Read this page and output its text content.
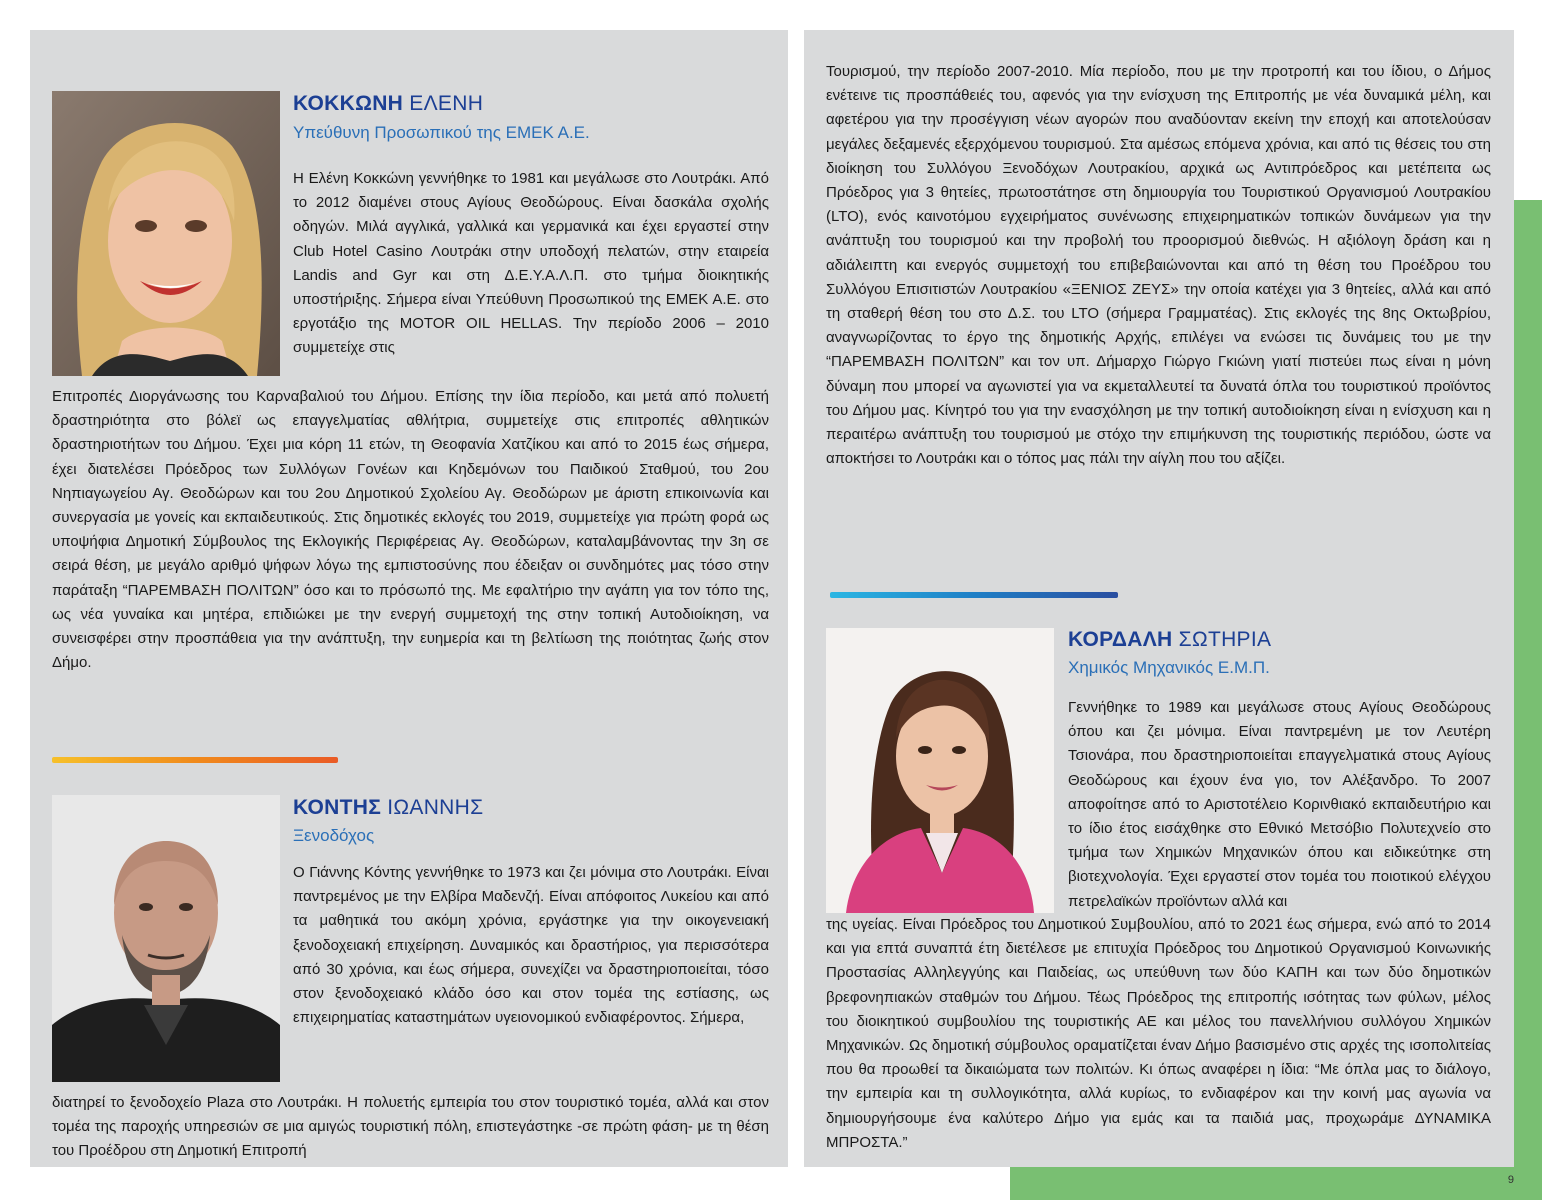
ΚΟΚΚΩΝΗ ΕΛΕΝΗ
Υπεύθυνη Προσωπικού της ΕΜΕΚ Α.Ε.
Η Ελένη Κοκκώνη γεννήθηκε το 1981 και μεγάλωσε στο Λουτράκι. Από το 2012 διαμένει στους Αγίους Θεοδώρους. Είναι δασκάλα σχολής οδηγών. Μιλά αγγλικά, γαλλικά και γερμανικά και έχει εργαστεί στην Club Hotel Casino Λουτράκι στην υποδοχή πελατών, στην εταιρεία Landis and Gyr και στη Δ.Ε.Υ.Α.Λ.Π. στο τμήμα διοικητικής υποστήριξης. Σήμερα είναι Υπεύθυνη Προσωπικού της ΕΜΕΚ Α.Ε. στο εργοτάξιο της MOTOR OIL HELLAS. Την περίοδο 2006 – 2010 συμμετείχε στις
Επιτροπές Διοργάνωσης του Καρναβαλιού του Δήμου. Επίσης την ίδια περίοδο, και μετά από πολυετή δραστηριότητα στο βόλεϊ ως επαγγελματίας αθλήτρια, συμμετείχε στις επιτροπές αθλητικών δραστηριοτήτων του Δήμου. Έχει μια κόρη 11 ετών, τη Θεοφανία Χατζίκου και από το 2015 έως σήμερα, έχει διατελέσει Πρόεδρος των Συλλόγων Γονέων και Κηδεμόνων του Παιδικού Σταθμού, του 2ου Νηπιαγωγείου Αγ. Θεοδώρων και του 2ου Δημοτικού Σχολείου Αγ. Θεοδώρων με άριστη επικοινωνία και συνεργασία με γονείς και εκπαιδευτικούς. Στις δημοτικές εκλογές του 2019, συμμετείχε για πρώτη φορά ως υποψήφια Δημοτική Σύμβουλος της Εκλογικής Περιφέρειας Αγ. Θεοδώρων, καταλαμβάνοντας την 3η σε σειρά θέση, με μεγάλο αριθμό ψήφων λόγω της εμπιστοσύνης που έδειξαν οι συνδημότες μας τόσο στην παράταξη “ΠΑΡΕΜΒΑΣΗ ΠΟΛΙΤΩΝ” όσο και το πρόσωπό της. Με εφαλτήριο την αγάπη για τον τόπο της, ως νέα γυναίκα και μητέρα, επιδιώκει με την ενεργή συμμετοχή της στην τοπική Αυτοδιοίκηση, να συνεισφέρει στην προσπάθεια για την ανάπτυξη, την ευημερία και τη βελτίωση της ποιότητας ζωής στον Δήμο.
ΚΟΝΤΗΣ ΙΩΑΝΝΗΣ
Ξενοδόχος
Ο Γιάννης Κόντης γεννήθηκε το 1973 και ζει μόνιμα στο Λουτράκι. Είναι παντρεμένος με την Ελβίρα Μαδενζή. Είναι απόφοιτος Λυκείου και από τα μαθητικά του ακόμη χρόνια, εργάστηκε για την οικογενειακή ξενοδοχειακή επιχείρηση. Δυναμικός και δραστήριος, για περισσότερα από 30 χρόνια, και έως σήμερα, συνεχίζει να δραστηριοποιείται, τόσο στον ξενοδοχειακό κλάδο όσο και στον τομέα της εστίασης, ως επιχειρηματίας καταστημάτων υγειονομικού ενδιαφέροντος. Σήμερα,
διατηρεί το ξενοδοχείο Plaza στο Λουτράκι. Η πολυετής εμπειρία του στον τουριστικό τομέα, αλλά και στον τομέα της παροχής υπηρεσιών σε μια αμιγώς τουριστική πόλη, επιστεγάστηκε -σε πρώτη φάση- με τη θέση του Προέδρου στη Δημοτική Επιτροπή
Τουρισμού, την περίοδο 2007-2010. Μία περίοδο, που με την προτροπή και του ίδιου, ο Δήμος ενέτεινε τις προσπάθειές του, αφενός για την ενίσχυση της Επιτροπής με νέα δυναμικά μέλη, και αφετέρου για την προσέγγιση νέων αγορών που αναδύονταν εκείνη την εποχή και αποτελούσαν μεγάλες δεξαμενές εξερχόμενου τουρισμού. Στα αμέσως επόμενα χρόνια, και από τις θέσεις του στη διοίκηση του Συλλόγου Ξενοδόχων Λουτρακίου, αρχικά ως Αντιπρόεδρος και μετέπειτα ως Πρόεδρος για 3 θητείες, πρωτοστάτησε στη δημιουργία του Τουριστικού Οργανισμού Λουτρακίου (LTO), ενός καινοτόμου εγχειρήματος συνένωσης επιχειρηματικών τοπικών δυνάμεων για την ανάπτυξη του τουρισμού και την προβολή του προορισμού διεθνώς. Η αξιόλογη δράση και η αδιάλειπτη και ενεργός συμμετοχή του επιβεβαιώνονται και από τη θέση του Προέδρου του Συλλόγου Επισιτιστών Λουτρακίου «ΞΕΝΙΟΣ ΖΕΥΣ» την οποία κατέχει για 3 θητείες, αλλά και από τη σταθερή θέση του στο Δ.Σ. του LTO (σήμερα Γραμματέας). Στις εκλογές της 8ης Οκτωβρίου, αναγνωρίζοντας το έργο της δημοτικής Αρχής, επιλέγει να ενώσει τις δυνάμεις του με την “ΠΑΡΕΜΒΑΣΗ ΠΟΛΙΤΩΝ” και τον υπ. Δήμαρχο Γιώργο Γκιώνη γιατί πιστεύει πως είναι η μόνη δύναμη που μπορεί να αγωνιστεί για να εκμεταλλευτεί τα δυνατά όπλα του τουριστικού προϊόντος του Δήμου μας. Κίνητρό του για την ενασχόληση με την τοπική αυτοδιοίκηση είναι η ενίσχυση και η περαιτέρω ανάπτυξη του τουρισμού με στόχο την επιμήκυνση της τουριστικής περιόδου, ώστε να αποκτήσει το Λουτράκι και ο τόπος μας πάλι την αίγλη που του αξίζει.
ΚΟΡΔΑΛΗ ΣΩΤΗΡΙΑ
Χημικός Μηχανικός Ε.Μ.Π.
Γεννήθηκε το 1989 και μεγάλωσε στους Αγίους Θεοδώρους όπου και ζει μόνιμα. Είναι παντρεμένη με τον Λευτέρη Τσιονάρα, που δραστηριοποιείται επαγγελματικά στους Αγίους Θεοδώρους και έχουν ένα γιο, τον Αλέξανδρο. Το 2007 αποφοίτησε από το Αριστοτέλειο Κορινθιακό εκπαιδευτήριο και το ίδιο έτος εισάχθηκε στο Εθνικό Μετσόβιο Πολυτεχνείο στο τμήμα των Χημικών Μηχανικών όπου και ειδικεύτηκε στη βιοτεχνολογία. Έχει εργαστεί στον τομέα του ποιοτικού ελέγχου πετρελαϊκών προϊόντων αλλά και
της υγείας. Είναι Πρόεδρος του Δημοτικού Συμβουλίου, από το 2021 έως σήμερα, ενώ από το 2014 και για επτά συναπτά έτη διετέλεσε με επιτυχία Πρόεδρος του Δημοτικού Οργανισμού Κοινωνικής Προστασίας Αλληλεγγύης και Παιδείας, ως υπεύθυνη των δύο ΚΑΠΗ και των δύο δημοτικών βρεφονηπιακών σταθμών του Δήμου. Τέως Πρόεδρος της επιτροπής ισότητας των φύλων, μέλος του διοικητικού συμβουλίου της τουριστικής ΑΕ και μέλος του πανελλήνιου συλλόγου Χημικών Μηχανικών. Ως δημοτική σύμβουλος οραματίζεται έναν Δήμο βασισμένο στις αρχές της ισοπολιτείας που θα προωθεί τα δικαιώματα των πολιτών. Κι όπως αναφέρει η ίδια: “Με όπλα μας το διάλογο, την εμπειρία και τη συλλογικότητα, αλλά κυρίως, το ενδιαφέρον και την κοινή μας αγωνία να δημιουργήσουμε ένα καλύτερο Δήμο για εμάς και τα παιδιά μας, προχωράμε ΔΥΝΑΜΙΚΑ ΜΠΡΟΣΤΑ.”
9
